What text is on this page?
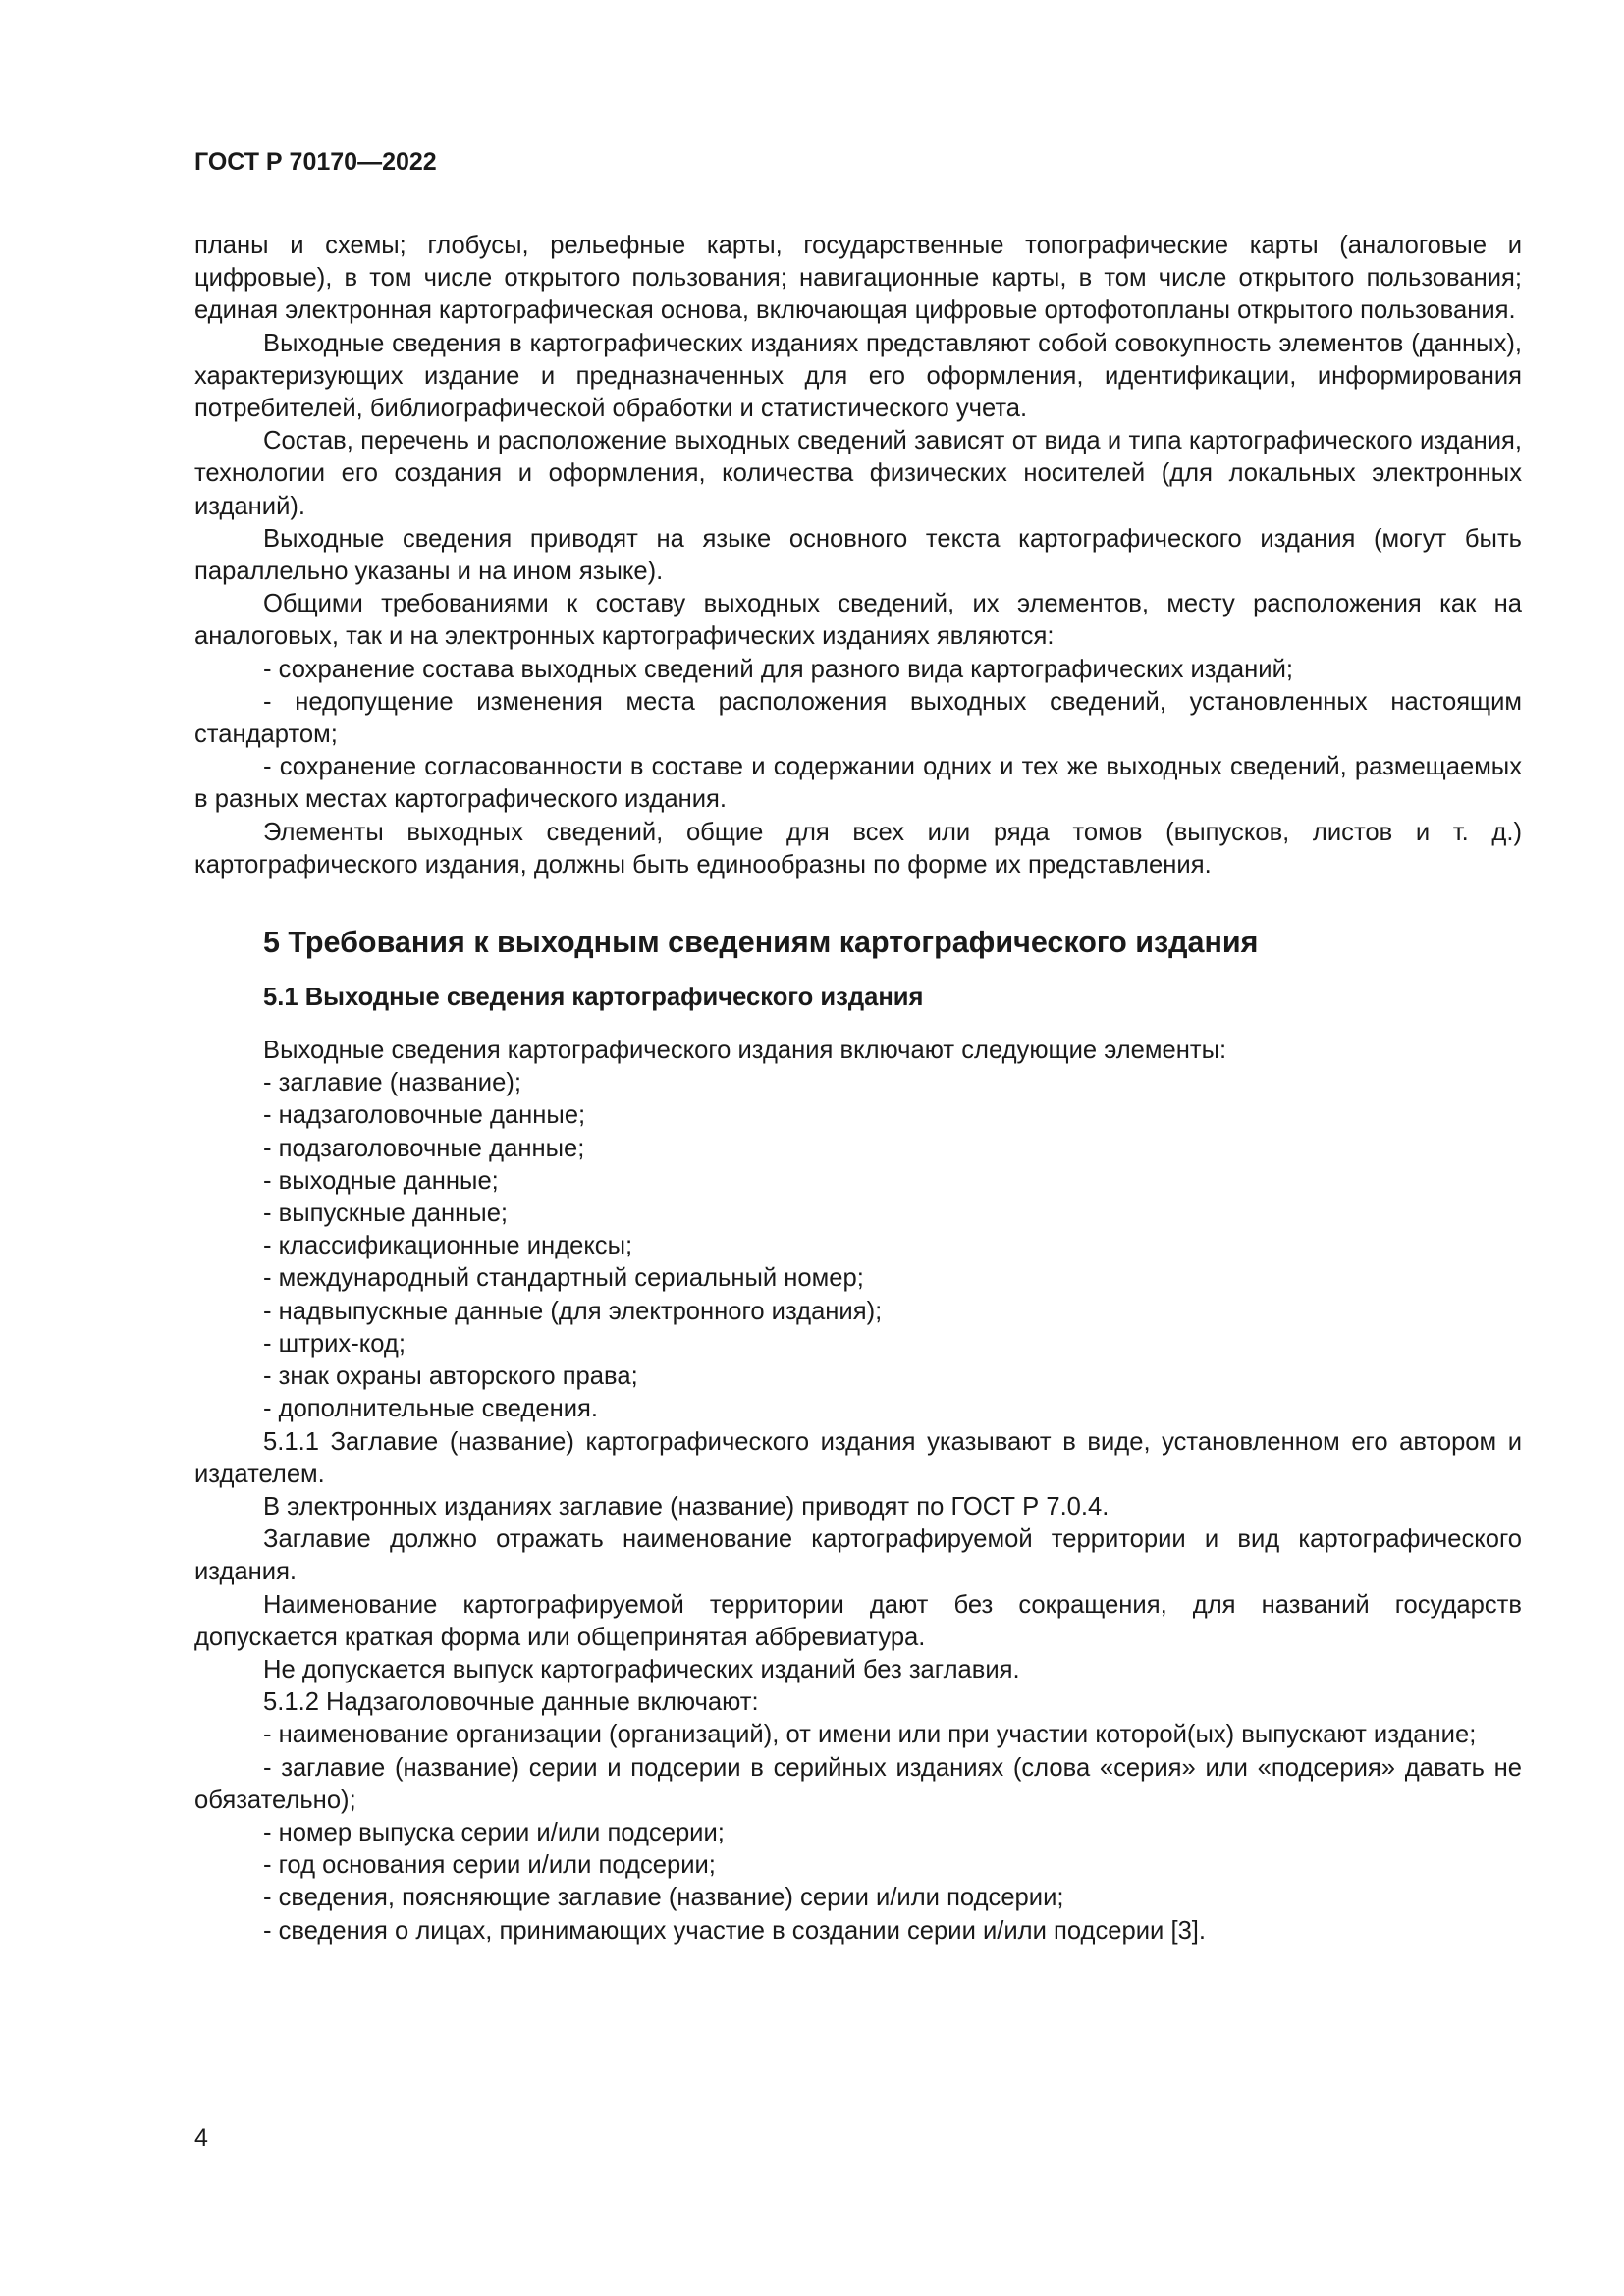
ГОСТ Р 70170—2022

планы и схемы; глобусы, рельефные карты, государственные топографические карты (аналоговые и цифровые), в том числе открытого пользования; навигационные карты, в том числе открытого пользования; единая электронная картографическая основа, включающая цифровые ортофотопланы открытого пользования.

Выходные сведения в картографических изданиях представляют собой совокупность элементов (данных), характеризующих издание и предназначенных для его оформления, идентификации, информирования потребителей, библиографической обработки и статистического учета.

Состав, перечень и расположение выходных сведений зависят от вида и типа картографического издания, технологии его создания и оформления, количества физических носителей (для локальных электронных изданий).

Выходные сведения приводят на языке основного текста картографического издания (могут быть параллельно указаны и на ином языке).

Общими требованиями к составу выходных сведений, их элементов, месту расположения как на аналоговых, так и на электронных картографических изданиях являются:

- сохранение состава выходных сведений для разного вида картографических изданий;

- недопущение изменения места расположения выходных сведений, установленных настоящим стандартом;

- сохранение согласованности в составе и содержании одних и тех же выходных сведений, размещаемых в разных местах картографического издания.

Элементы выходных сведений, общие для всех или ряда томов (выпусков, листов и т. д.) картографического издания, должны быть единообразны по форме их представления.

5 Требования к выходным сведениям картографического издания
5.1 Выходные сведения картографического издания

Выходные сведения картографического издания включают следующие элементы:

- заглавие (название);

- надзаголовочные данные;

- подзаголовочные данные;

- выходные данные;

- выпускные данные;

- классификационные индексы;

- международный стандартный сериальный номер;

- надвыпускные данные (для электронного издания);

- штрих-код;

- знак охраны авторского права;

- дополнительные сведения.

5.1.1 Заглавие (название) картографического издания указывают в виде, установленном его автором и издателем.

В электронных изданиях заглавие (название) приводят по ГОСТ Р 7.0.4.

Заглавие должно отражать наименование картографируемой территории и вид картографического издания.

Наименование картографируемой территории дают без сокращения, для названий государств допускается краткая форма или общепринятая аббревиатура.

Не допускается выпуск картографических изданий без заглавия.

5.1.2 Надзаголовочные данные включают:

- наименование организации (организаций), от имени или при участии которой(ых) выпускают издание;

- заглавие (название) серии и подсерии в серийных изданиях (слова «серия» или «подсерия» давать не обязательно);

- номер выпуска серии и/или подсерии;

- год основания серии и/или подсерии;

- сведения, поясняющие заглавие (название) серии и/или подсерии;

- сведения о лицах, принимающих участие в создании серии и/или подсерии [3].

4
